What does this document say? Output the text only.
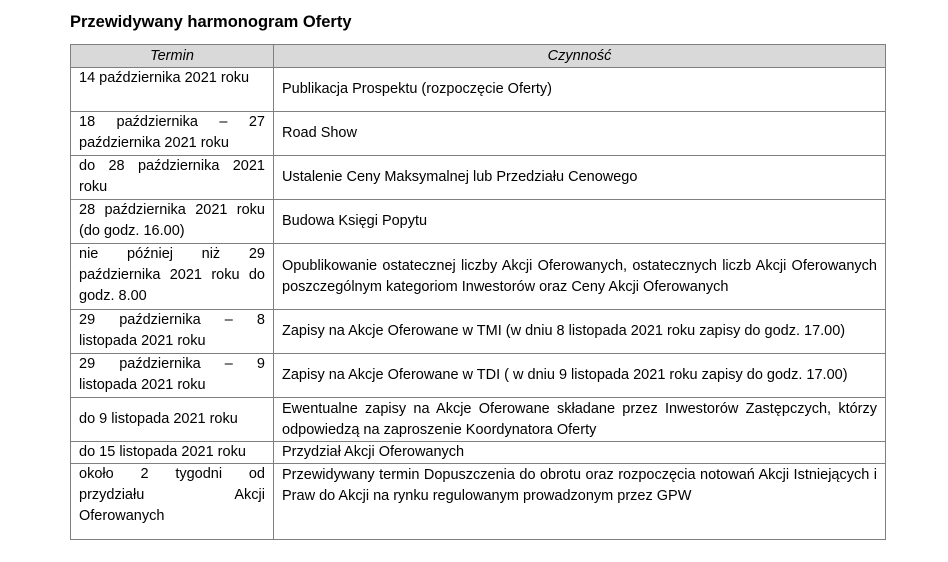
Przewidywany harmonogram Oferty
Termin	Czynność
14 października 2021 roku	Publikacja Prospektu (rozpoczęcie Oferty)
18 października – 27 października 2021 roku	Road Show
do 28 października 2021 roku	Ustalenie Ceny Maksymalnej lub Przedziału Cenowego
28 października 2021 roku (do godz. 16.00)	Budowa Księgi Popytu
nie później niż 29 października 2021 roku do godz. 8.00	Opublikowanie ostatecznej liczby Akcji Oferowanych, ostatecznych liczb Akcji Oferowanych poszczególnym kategoriom Inwestorów oraz Ceny Akcji Oferowanych
29 października – 8 listopada 2021 roku	Zapisy na Akcje Oferowane w TMI (w dniu 8 listopada 2021 roku zapisy do godz. 17.00)
29 października – 9 listopada 2021 roku	Zapisy na Akcje Oferowane w TDI ( w dniu 9 listopada 2021 roku zapisy do godz. 17.00)
do 9 listopada 2021 roku	Ewentualne zapisy na Akcje Oferowane składane przez Inwestorów Zastępczych, którzy odpowiedzą na zaproszenie Koordynatora Oferty
do 15 listopada 2021 roku	Przydział Akcji Oferowanych
około 2 tygodni od przydziału Akcji Oferowanych	Przewidywany termin Dopuszczenia do obrotu oraz rozpoczęcia notowań Akcji Istniejących i Praw do Akcji na rynku regulowanym prowadzonym przez GPW
